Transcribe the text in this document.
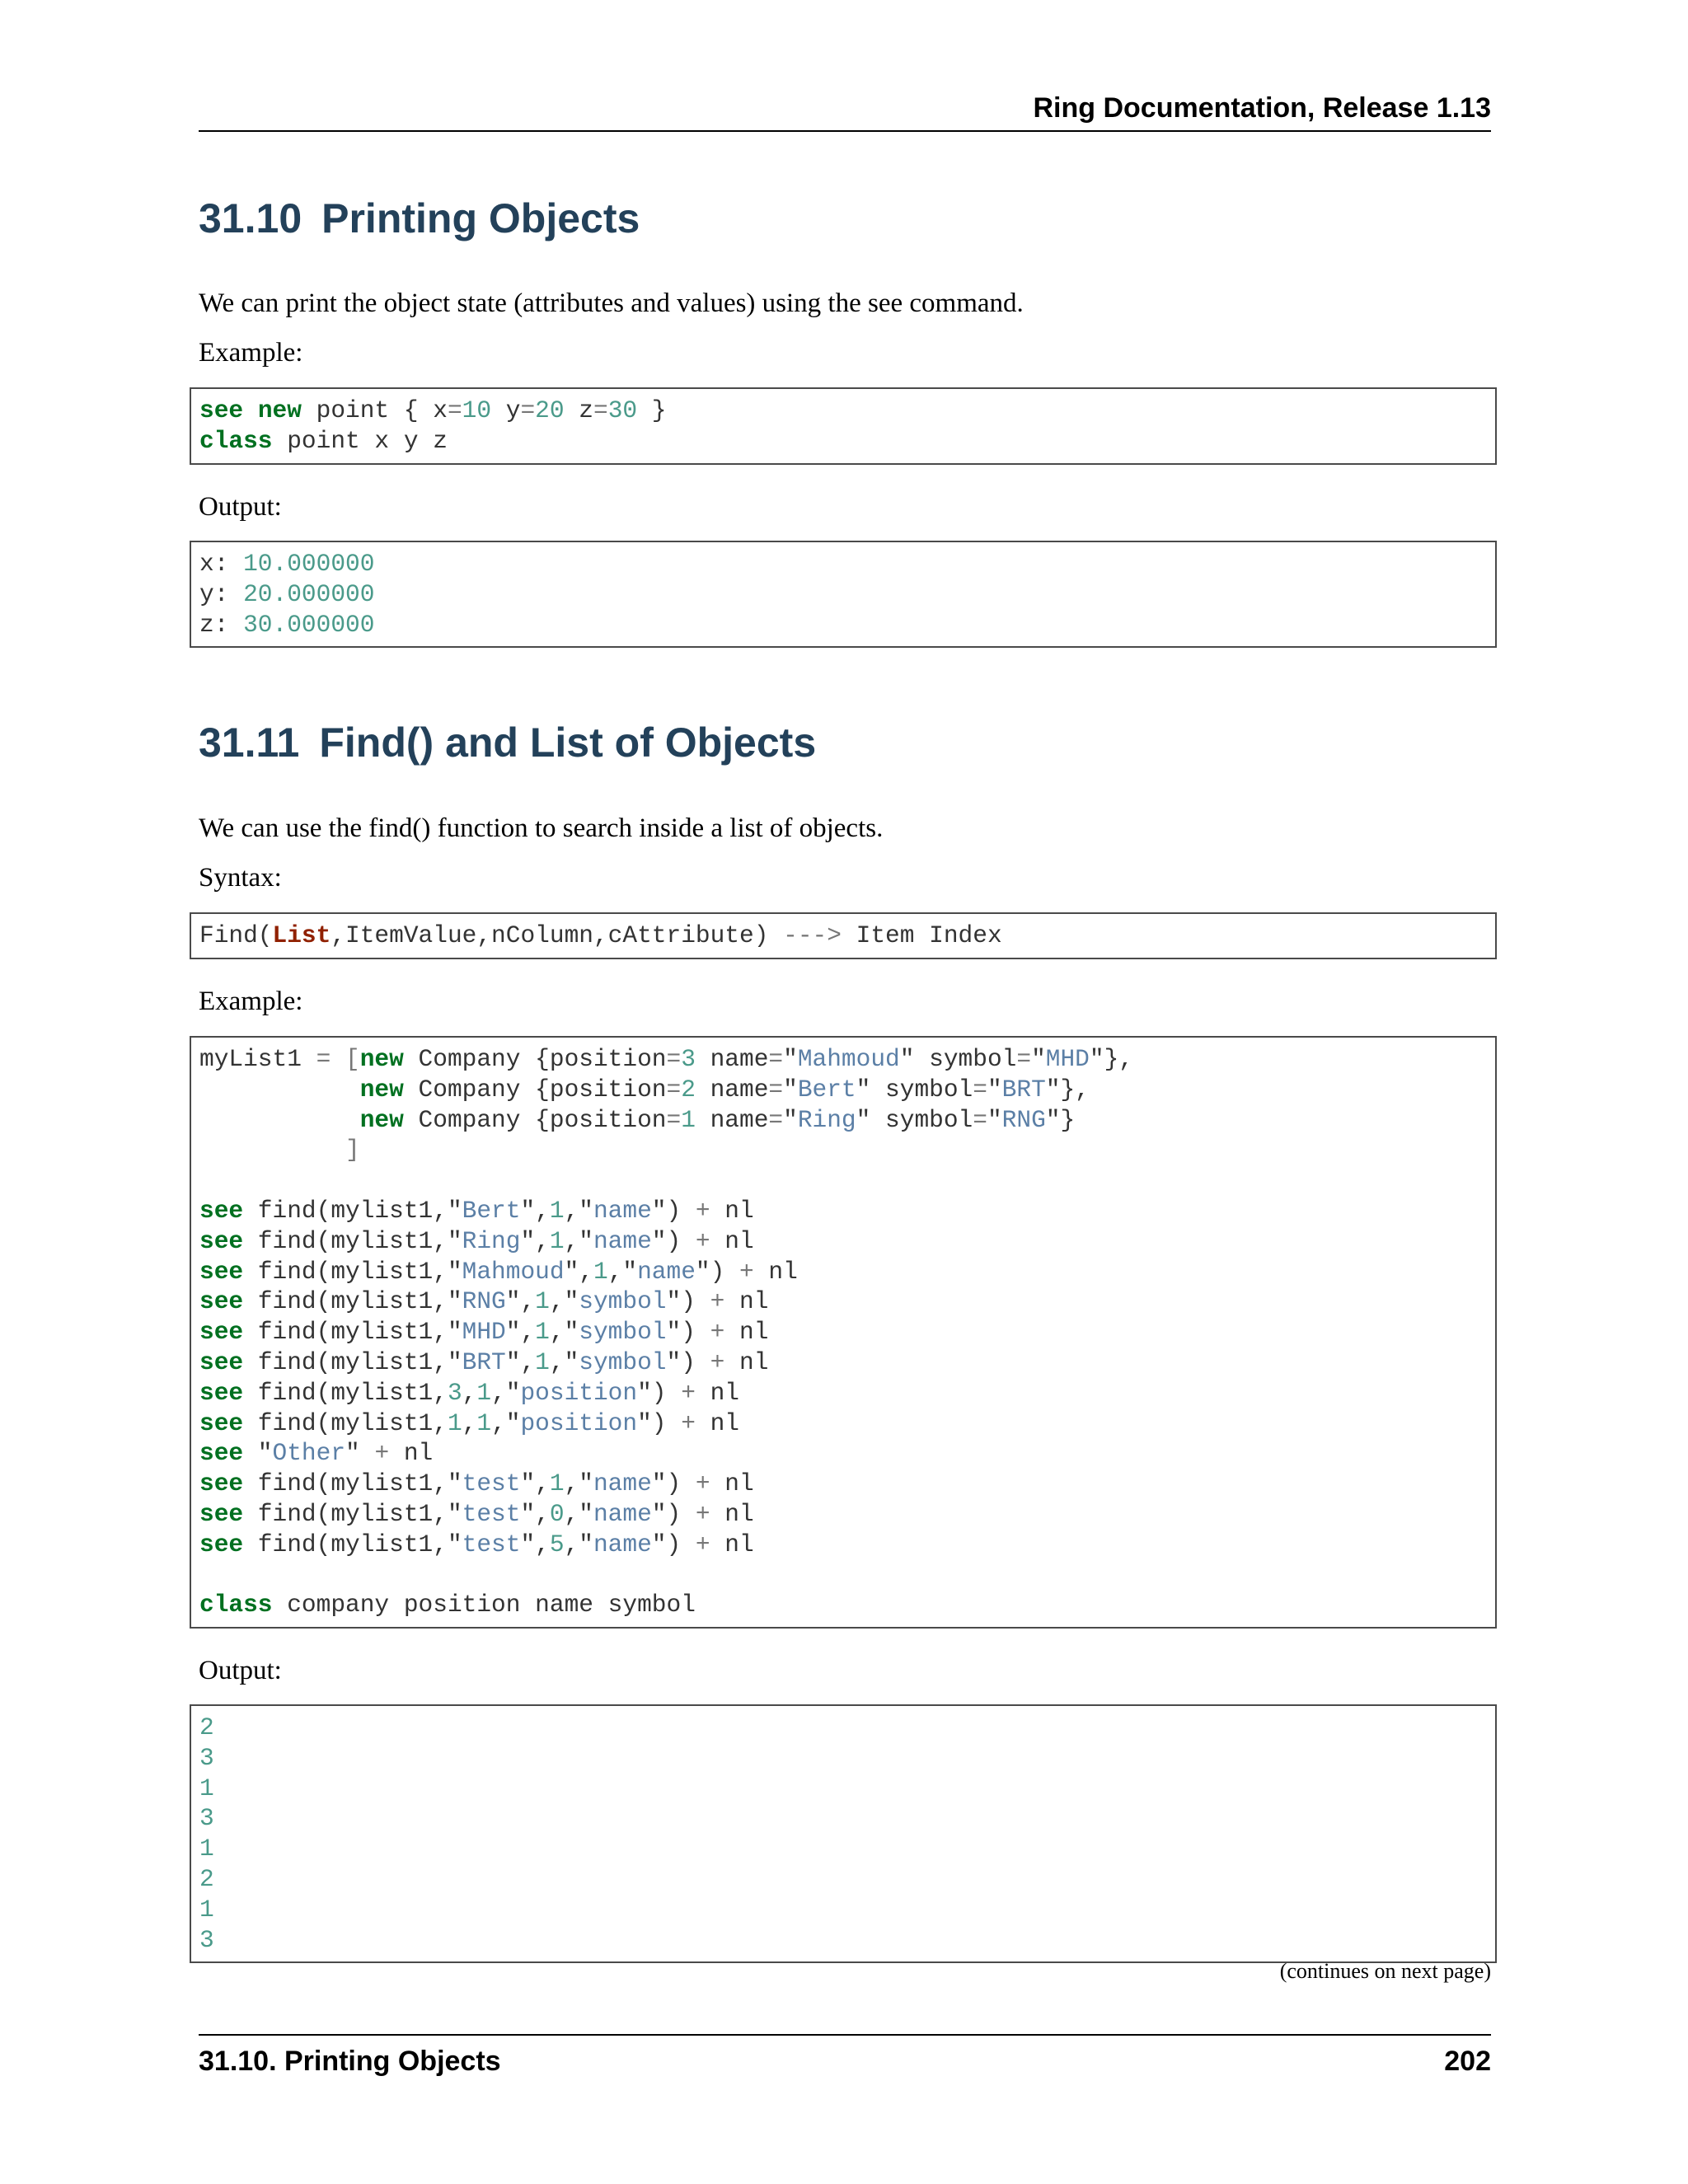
Ring Documentation, Release 1.13
31.10 Printing Objects

We can print the object state (attributes and values) using the see command.

Example:

see new point { x=10 y=20 z=30 }
class point x y z

Output:

x: 10.000000
y: 20.000000
z: 30.000000
31.11 Find() and List of Objects

We can use the find() function to search inside a list of objects.

Syntax:

Find(List,ItemValue,nColumn,cAttribute) ---> Item Index

Example:

myList1 = [new Company {position=3 name="Mahmoud" symbol="MHD"},
new Company {position=2 name="Bert" symbol="BRT"},
new Company {position=1 name="Ring" symbol="RNG"}
]
see find(mylist1,"Bert",1,"name") + nl
see find(mylist1,"Ring",1,"name") + nl
see find(mylist1,"Mahmoud",1,"name") + nl
see find(mylist1,"RNG",1,"symbol") + nl
see find(mylist1,"MHD",1,"symbol") + nl
see find(mylist1,"BRT",1,"symbol") + nl
see find(mylist1,3,1,"position") + nl
see find(mylist1,1,1,"position") + nl
see "Other" + nl
see find(mylist1,"test",1,"name") + nl
see find(mylist1,"test",0,"name") + nl
see find(mylist1,"test",5,"name") + nl
class company position name symbol

Output:

2
3
1
3
1
2
1
3
(continues on next page)
31.10. Printing Objects	202
